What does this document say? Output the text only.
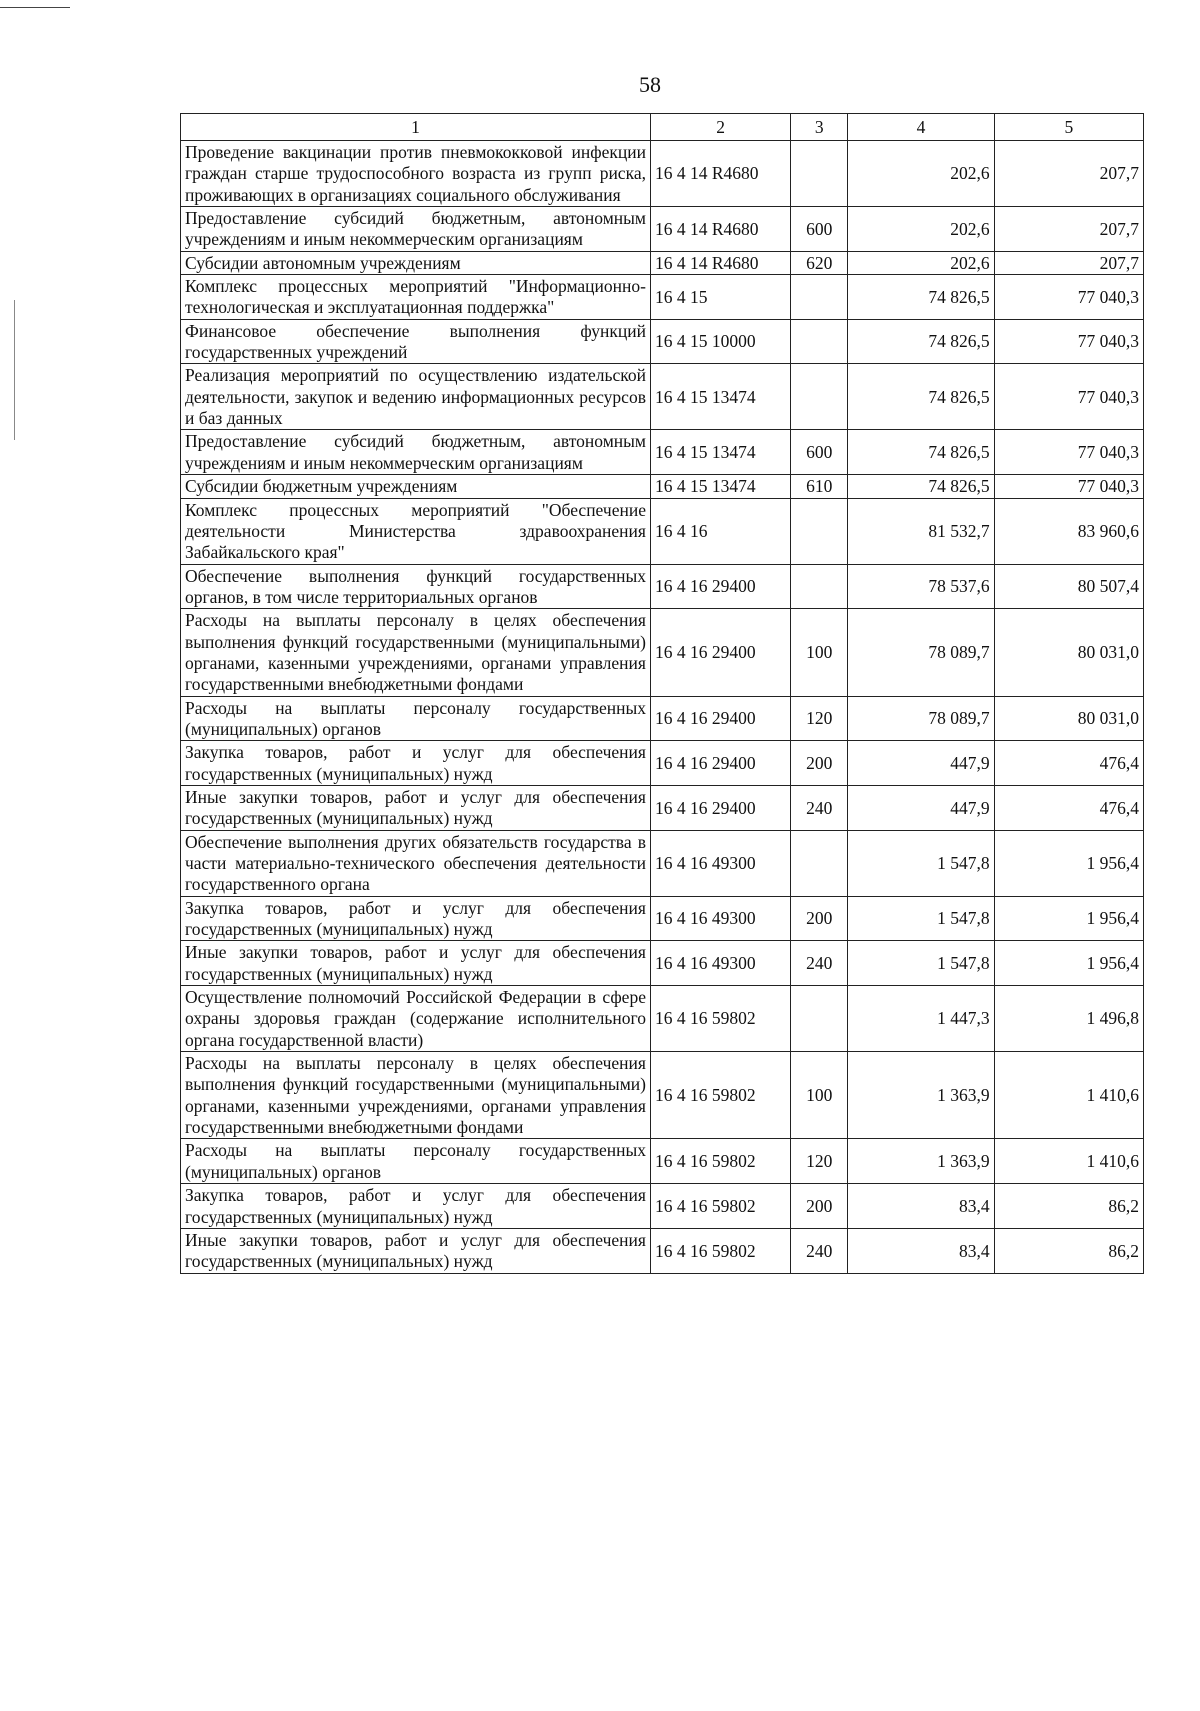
58
1	2	3	4	5
Проведение вакцинации против пневмококковой инфекции граждан старше трудоспособного возраста из групп риска, проживающих в организациях социального обслуживания	16 4 14 R4680		202,6	207,7
Предоставление субсидий бюджетным, автономным учреждениям и иным некоммерческим организациям	16 4 14 R4680	600	202,6	207,7
Субсидии автономным учреждениям	16 4 14 R4680	620	202,6	207,7
Комплекс процессных мероприятий "Информационно-технологическая и эксплуатационная поддержка"	16 4 15		74 826,5	77 040,3
Финансовое обеспечение выполнения функций государственных учреждений	16 4 15 10000		74 826,5	77 040,3
Реализация мероприятий по осуществлению издательской деятельности, закупок и ведению информационных ресурсов и баз данных	16 4 15 13474		74 826,5	77 040,3
Предоставление субсидий бюджетным, автономным учреждениям и иным некоммерческим организациям	16 4 15 13474	600	74 826,5	77 040,3
Субсидии бюджетным учреждениям	16 4 15 13474	610	74 826,5	77 040,3
Комплекс процессных мероприятий "Обеспечение деятельности Министерства здравоохранения Забайкальского края"	16 4 16		81 532,7	83 960,6
Обеспечение выполнения функций государственных органов, в том числе территориальных органов	16 4 16 29400		78 537,6	80 507,4
Расходы на выплаты персоналу в целях обеспечения выполнения функций государственными (муниципальными) органами, казенными учреждениями, органами управления государственными внебюджетными фондами	16 4 16 29400	100	78 089,7	80 031,0
Расходы на выплаты персоналу государственных (муниципальных) органов	16 4 16 29400	120	78 089,7	80 031,0
Закупка товаров, работ и услуг для обеспечения государственных (муниципальных) нужд	16 4 16 29400	200	447,9	476,4
Иные закупки товаров, работ и услуг для обеспечения государственных (муниципальных) нужд	16 4 16 29400	240	447,9	476,4
Обеспечение выполнения других обязательств государства в части материально-технического обеспечения деятельности государственного органа	16 4 16 49300		1 547,8	1 956,4
Закупка товаров, работ и услуг для обеспечения государственных (муниципальных) нужд	16 4 16 49300	200	1 547,8	1 956,4
Иные закупки товаров, работ и услуг для обеспечения государственных (муниципальных) нужд	16 4 16 49300	240	1 547,8	1 956,4
Осуществление полномочий Российской Федерации в сфере охраны здоровья граждан (содержание исполнительного органа государственной власти)	16 4 16 59802		1 447,3	1 496,8
Расходы на выплаты персоналу в целях обеспечения выполнения функций государственными (муниципальными) органами, казенными учреждениями, органами управления государственными внебюджетными фондами	16 4 16 59802	100	1 363,9	1 410,6
Расходы на выплаты персоналу государственных (муниципальных) органов	16 4 16 59802	120	1 363,9	1 410,6
Закупка товаров, работ и услуг для обеспечения государственных (муниципальных) нужд	16 4 16 59802	200	83,4	86,2
Иные закупки товаров, работ и услуг для обеспечения государственных (муниципальных) нужд	16 4 16 59802	240	83,4	86,2
